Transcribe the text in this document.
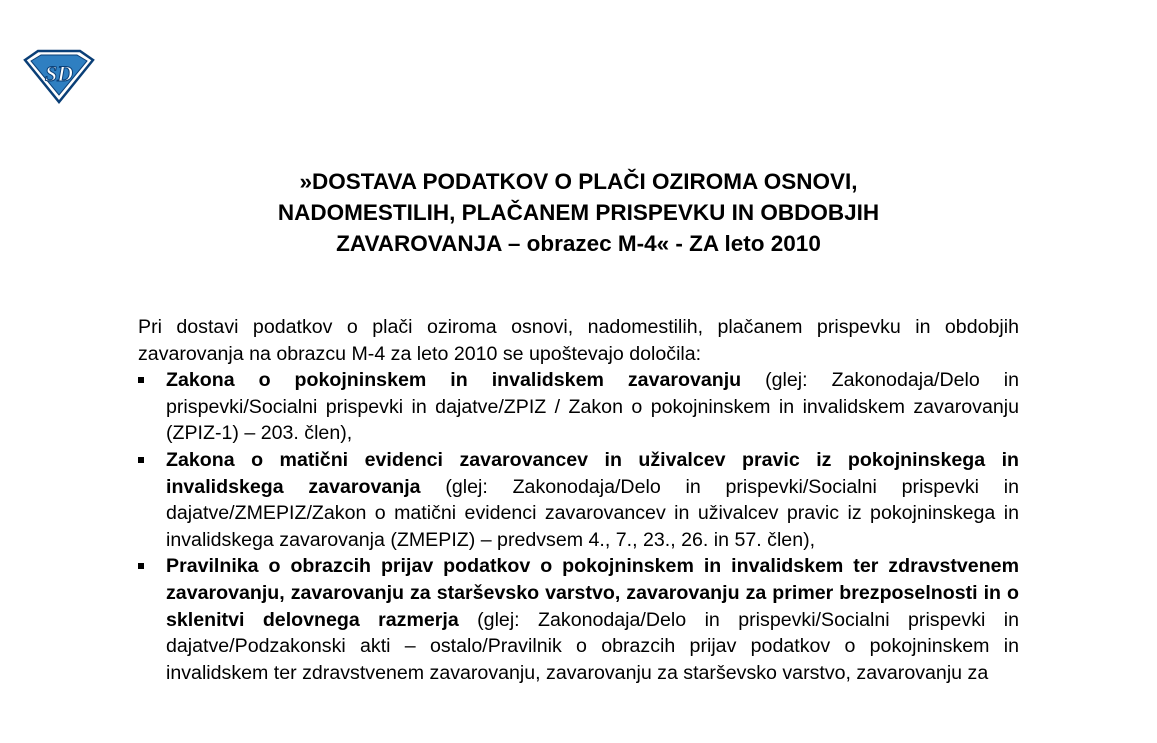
SD
»DOSTAVA PODATKOV O PLAČI OZIROMA OSNOVI,
NADOMESTILIH, PLAČANEM PRISPEVKU IN OBDOBJIH
ZAVAROVANJA – obrazec M-4« - ZA leto 2010

Pri dostavi podatkov o plači oziroma osnovi, nadomestilih, plačanem prispevku in obdobjih zavarovanja na obrazcu M-4 za leto 2010 se upoštevajo določila:

Zakona o pokojninskem in invalidskem zavarovanju (glej: Zakonodaja/Delo in prispevki/Socialni prispevki in dajatve/ZPIZ / Zakon o pokojninskem in invalidskem zavarovanju (ZPIZ-1) – 203. člen),
Zakona o matični evidenci zavarovancev in uživalcev pravic iz pokojninskega in invalidskega zavarovanja (glej: Zakonodaja/Delo in prispevki/Socialni prispevki in dajatve/ZMEPIZ/Zakon o matični evidenci zavarovancev in uživalcev pravic iz pokojninskega in invalidskega zavarovanja (ZMEPIZ) – predvsem 4., 7., 23., 26. in 57. člen),
Pravilnika o obrazcih prijav podatkov o pokojninskem in invalidskem ter zdravstvenem zavarovanju, zavarovanju za starševsko varstvo, zavarovanju za primer brezposelnosti in o sklenitvi delovnega razmerja (glej: Zakonodaja/Delo in prispevki/Socialni prispevki in dajatve/Podzakonski akti – ostalo/Pravilnik o obrazcih prijav podatkov o pokojninskem in invalidskem ter zdravstvenem zavarovanju, zavarovanju za starševsko varstvo, zavarovanju za
